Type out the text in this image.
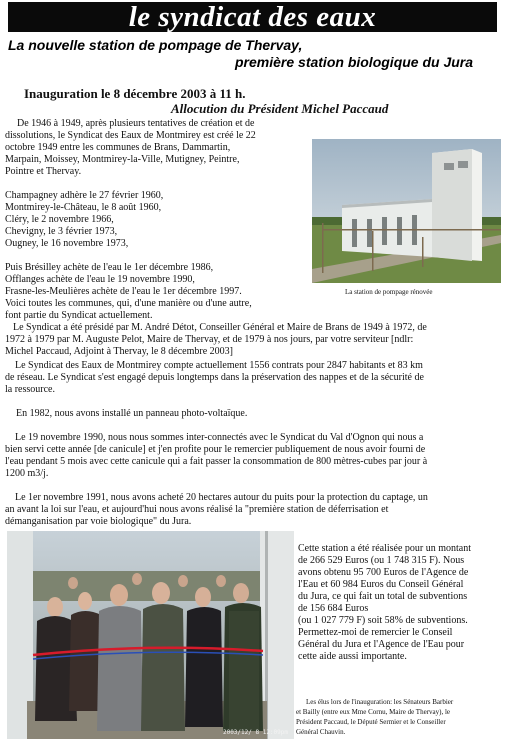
le syndicat des eaux
La nouvelle station de pompage de Thervay,
première station biologique du Jura
Inauguration le 8 décembre 2003 à 11 h.
Allocution du Président Michel Paccaud
De 1946 à 1949, après plusieurs tentatives de création et de
dissolutions, le Syndicat des Eaux de Montmirey est créé le 22
octobre 1949 entre les communes de Brans, Dammartin,
Marpain, Moissey, Montmirey-la-Ville, Mutigney, Peintre,
Pointre et Thervay.
Champagney adhère le 27 février 1960,
Montmirey-le-Château, le 8 août 1960,
Cléry, le 2 novembre 1966,
Chevigny, le 3 février 1973,
Ougney, le 16 novembre 1973,
Puis Brésilley achète de l'eau le 1er décembre 1986,
Offlanges achète de l'eau le 19 novembre 1990,
Frasne-les-Meulières achète de l'eau le 1er décembre 1997.
Voici toutes les communes, qui, d'une manière ou d'une autre,
font partie du Syndicat actuellement.
La station de pompage rénovée
Le Syndicat a été présidé par M. André Détot, Conseiller Général et Maire de Brans de 1949 à 1972, de
1972 à 1979 par M. Auguste Pelot, Maire de Thervay, et de 1979 à nos jours, par votre serviteur [ndlr:
Michel Paccaud, Adjoint à Thervay, le 8 décembre 2003]
Le Syndicat des Eaux de Montmirey compte actuellement 1556 contrats pour 2847 habitants et 83 km
de réseau. Le Syndicat s'est engagé depuis longtemps dans la préservation des nappes et de la sécurité de
la ressource.
En 1982, nous avons installé un panneau photo-voltaïque.
Le 19 novembre 1990, nous nous sommes inter-connectés avec le Syndicat du Val d'Ognon qui nous a
bien servi cette année [de canicule] et j'en profite pour le remercier publiquement de nous avoir fourni de
l'eau pendant 5 mois avec cette canicule qui a fait passer la consommation de 800 mètres-cubes par jour à
1200 m3/j.
Le 1er novembre 1991, nous avons acheté 20 hectares autour du puits pour la protection du captage, un
an avant la loi sur l'eau, et aujourd'hui nous avons réalisé la "première station de déferrisation et
démanganisation par voie biologique" du Jura.
2003/12/ 8 12:09pm
Cette station a été réalisée pour un montant
de 266 529 Euros (ou 1 748 315 F). Nous
avons obtenu 95 700 Euros de l'Agence de
l'Eau et 60 984 Euros du Conseil Général
du Jura, ce qui fait un total de subventions
de 156 684 Euros
(ou 1 027 779 F) soit 58% de subventions.
Permettez-moi de remercier le Conseil
Général du Jura et l'Agence de l'Eau pour
cette aide aussi importante.
Les élus lors de l'inauguration: les Sénateurs Barbier
et Bailly (entre eux Mme Cornu, Maire de Thervay), le
Président Paccaud, le Député Sermier et le Conseiller
Général Chauvin.
